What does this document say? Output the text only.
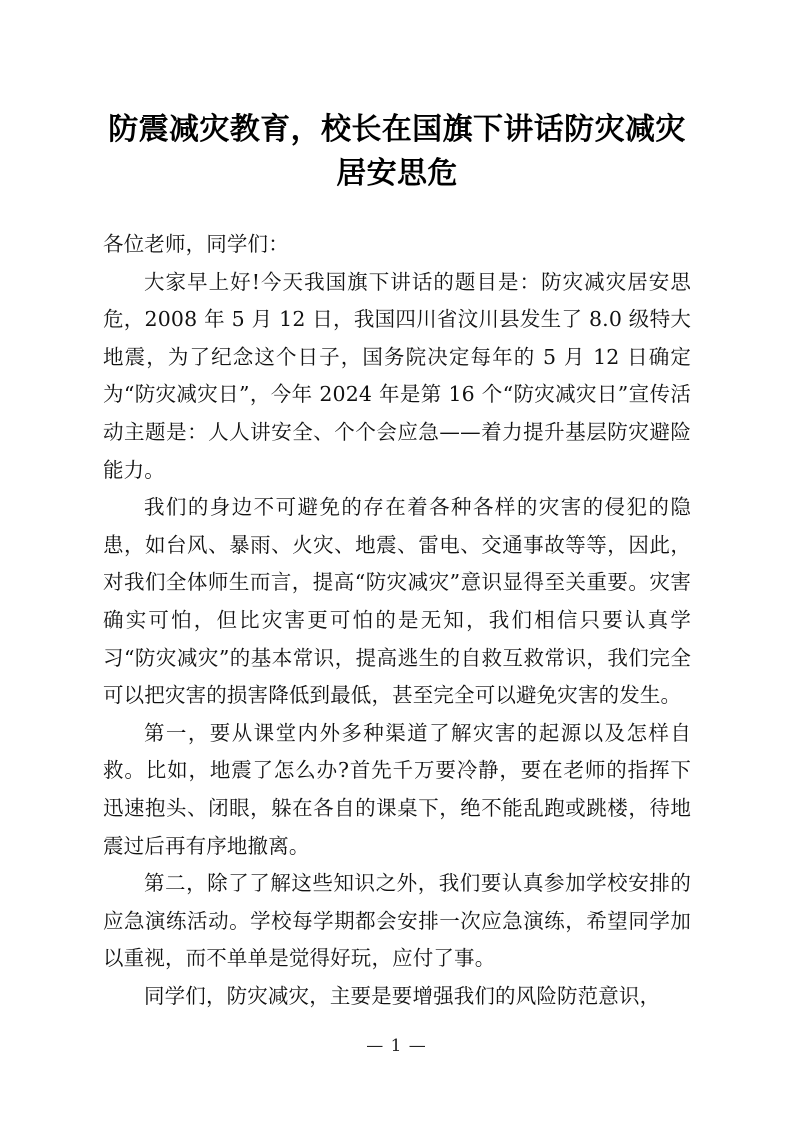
防震减灾教育，校长在国旗下讲话防灾减灾居安思危

各位老师，同学们：

大家早上好!今天我国旗下讲话的题目是：防灾减灾居安思危，2008 年 5 月 12 日，我国四川省汶川县发生了 8.0 级特大地震，为了纪念这个日子，国务院决定每年的 5 月 12 日确定为“防灾减灾日”，今年 2024 年是第 16 个“防灾减灾日”宣传活动主题是：人人讲安全、个个会应急——着力提升基层防灾避险能力。

我们的身边不可避免的存在着各种各样的灾害的侵犯的隐患，如台风、暴雨、火灾、地震、雷电、交通事故等等，因此，对我们全体师生而言，提高“防灾减灾”意识显得至关重要。灾害确实可怕，但比灾害更可怕的是无知，我们相信只要认真学习“防灾减灾”的基本常识，提高逃生的自救互救常识，我们完全可以把灾害的损害降低到最低，甚至完全可以避免灾害的发生。

第一，要从课堂内外多种渠道了解灾害的起源以及怎样自救。比如，地震了怎么办?首先千万要冷静，要在老师的指挥下迅速抱头、闭眼，躲在各自的课桌下，绝不能乱跑或跳楼，待地震过后再有序地撤离。

第二，除了了解这些知识之外，我们要认真参加学校安排的应急演练活动。学校每学期都会安排一次应急演练，希望同学加以重视，而不单单是觉得好玩，应付了事。

同学们，防灾减灾，主要是要增强我们的风险防范意识，

— 1 —
